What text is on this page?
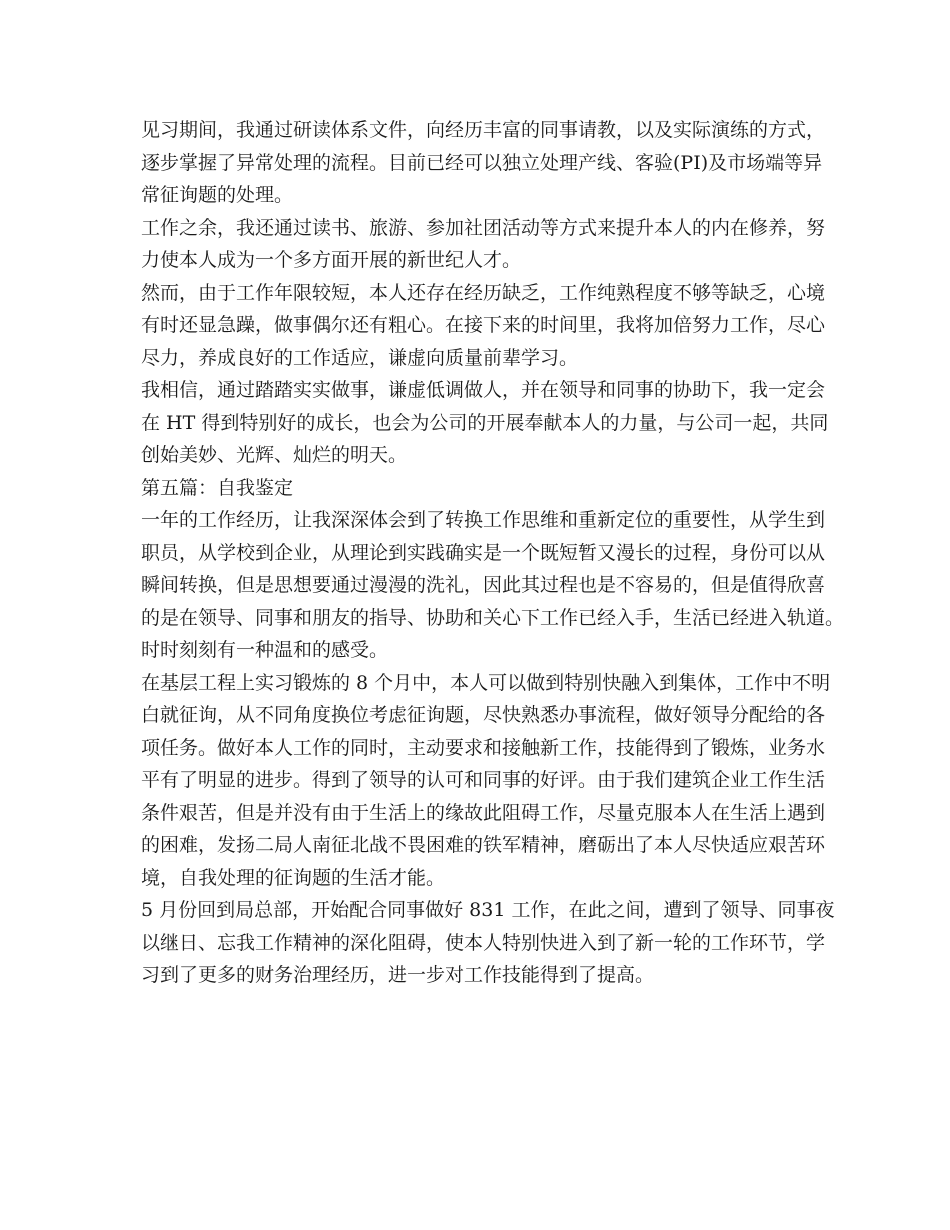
见习期间，我通过研读体系文件，向经历丰富的同事请教，以及实际演练的方式，
逐步掌握了异常处理的流程。目前已经可以独立处理产线、客验(PI)及市场端等异
常征询题的处理。
工作之余，我还通过读书、旅游、参加社团活动等方式来提升本人的内在修养，努
力使本人成为一个多方面开展的新世纪人才。
然而，由于工作年限较短，本人还存在经历缺乏，工作纯熟程度不够等缺乏，心境
有时还显急躁，做事偶尔还有粗心。在接下来的时间里，我将加倍努力工作，尽心
尽力，养成良好的工作适应，谦虚向质量前辈学习。
我相信，通过踏踏实实做事，谦虚低调做人，并在领导和同事的协助下，我一定会
在 HT 得到特别好的成长，也会为公司的开展奉献本人的力量，与公司一起，共同
创始美妙、光辉、灿烂的明天。
第五篇：自我鉴定
一年的工作经历，让我深深体会到了转换工作思维和重新定位的重要性，从学生到
职员，从学校到企业，从理论到实践确实是一个既短暂又漫长的过程，身份可以从
瞬间转换，但是思想要通过漫漫的洗礼，因此其过程也是不容易的，但是值得欣喜
的是在领导、同事和朋友的指导、协助和关心下工作已经入手，生活已经进入轨道。
时时刻刻有一种温和的感受。
在基层工程上实习锻炼的 8 个月中，本人可以做到特别快融入到集体，工作中不明
白就征询，从不同角度换位考虑征询题，尽快熟悉办事流程，做好领导分配给的各
项任务。做好本人工作的同时，主动要求和接触新工作，技能得到了锻炼，业务水
平有了明显的进步。得到了领导的认可和同事的好评。由于我们建筑企业工作生活
条件艰苦，但是并没有由于生活上的缘故此阻碍工作，尽量克服本人在生活上遇到
的困难，发扬二局人南征北战不畏困难的铁军精神，磨砺出了本人尽快适应艰苦环
境，自我处理的征询题的生活才能。
5 月份回到局总部，开始配合同事做好 831 工作，在此之间，遭到了领导、同事夜
以继日、忘我工作精神的深化阻碍，使本人特别快进入到了新一轮的工作环节，学
习到了更多的财务治理经历，进一步对工作技能得到了提高。
